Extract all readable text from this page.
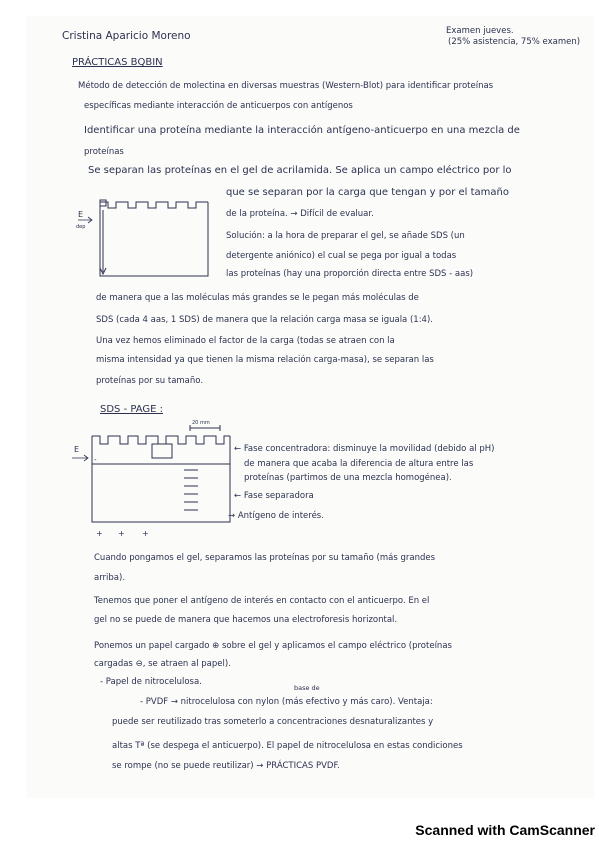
Cristina Aparicio Moreno	Examen jueves.
(25% asistencia, 75% examen)
PRÁCTICAS BQBIN
Método de detección de molectina en diversas muestras (Western-Blot) para identificar proteínas
específicas mediante interacción de anticuerpos con antígenos
Identificar una proteína mediante la interacción antígeno-anticuerpo en una mezcla de
proteínas
Se separan las proteínas en el gel de acrilamida. Se aplica un campo eléctrico por lo
que se separan por la carga que tengan y por el tamaño
de la proteína. → Difícil de evaluar.
Solución: a la hora de preparar el gel, se añade SDS (un
detergente aniónico) el cual se pega por igual a todas
las proteínas (hay una proporción directa entre SDS - aas)
E
dep
de manera que a las moléculas más grandes se le pegan más moléculas de
SDS (cada 4 aas, 1 SDS) de manera que la relación carga masa se iguala (1:4).
Una vez hemos eliminado el factor de la carga (todas se atraen con la
misma intensidad ya que tienen la misma relación carga-masa), se separan las
proteínas por su tamaño.
SDS - PAGE :
20 mm
E
-
+ + +
← Fase concentradora: disminuye la movilidad (debido al pH)
de manera que acaba la diferencia de altura entre las
proteínas (partimos de una mezcla homogénea).
← Fase separadora
→ Antígeno de interés.
Cuando pongamos el gel, separamos las proteínas por su tamaño (más grandes
arriba).
Tenemos que poner el antígeno de interés en contacto con el anticuerpo. En el
gel no se puede de manera que hacemos una electroforesis horizontal.
Ponemos un papel cargado ⊕ sobre el gel y aplicamos el campo eléctrico (proteínas
cargadas ⊖, se atraen al papel).
- Papel de nitrocelulosa.
base de
- PVDF → nitrocelulosa con nylon (más efectivo y más caro). Ventaja:
puede ser reutilizado tras someterlo a concentraciones desnaturalizantes y
altas Tª (se despega el anticuerpo). El papel de nitrocelulosa en estas condiciones
se rompe (no se puede reutilizar) → PRÁCTICAS PVDF.
Scanned with CamScanner
